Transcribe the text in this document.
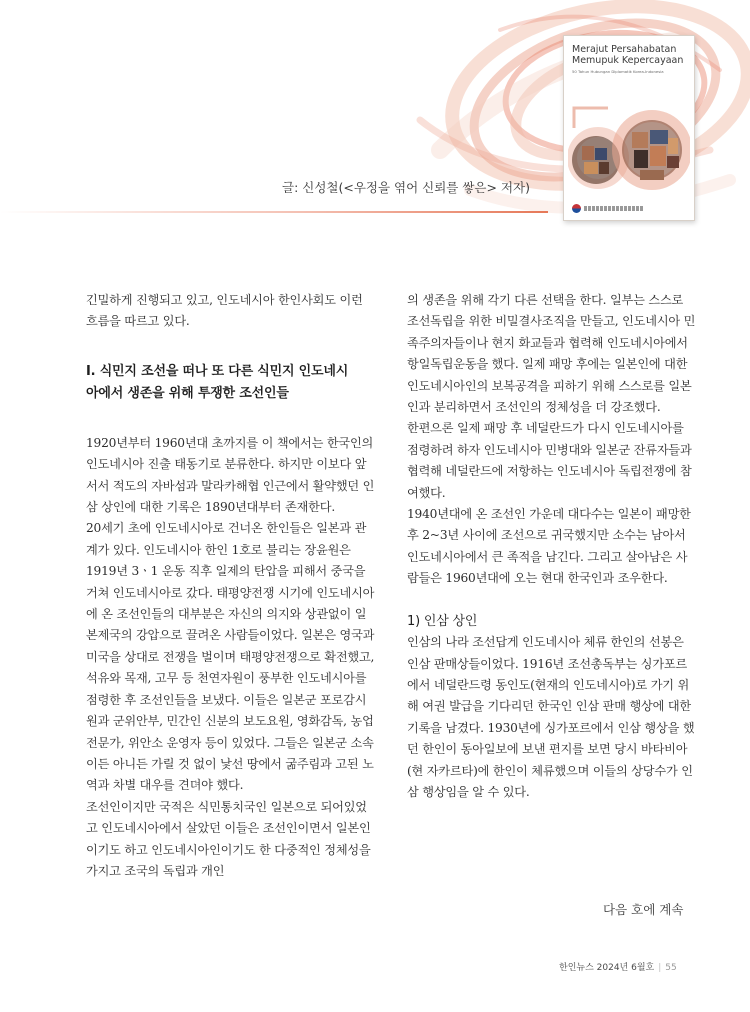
Merajut Persahabatan
Memupuk Kepercayaan
50 Tahun Hubungan Diplomatik Korea-Indonesia
글: 신성철(<우정을 엮어 신뢰를 쌓은> 저자)

긴밀하게 진행되고 있고, 인도네시아 한인사회도 이런 흐름을 따르고 있다.

I. 식민지 조선을 떠나 또 다른 식민지 인도네시
아에서 생존을 위해 투쟁한 조선인들

1920년부터 1960년대 초까지를 이 책에서는 한국인의 인도네시아 진출 태동기로 분류한다. 하지만 이보다 앞서서 적도의 자바섬과 말라카해협 인근에서 활약했던 인삼 상인에 대한 기록은 1890년대부터 존재한다.

20세기 초에 인도네시아로 건너온 한인들은 일본과 관계가 있다. 인도네시아 한인 1호로 불리는 장윤원은 1919년 3ㆍ1 운동 직후 일제의 탄압을 피해서 중국을 거쳐 인도네시아로 갔다. 태평양전쟁 시기에 인도네시아에 온 조선인들의 대부분은 자신의 의지와 상관없이 일본제국의 강압으로 끌려온 사람들이었다. 일본은 영국과 미국을 상대로 전쟁을 벌이며 태평양전쟁으로 확전했고, 석유와 목재, 고무 등 천연자원이 풍부한 인도네시아를 점령한 후 조선인들을 보냈다. 이들은 일본군 포로감시원과 군위안부, 민간인 신분의 보도요원, 영화감독, 농업 전문가, 위안소 운영자 등이 있었다. 그들은 일본군 소속이든 아니든 가릴 것 없이 낯선 땅에서 굶주림과 고된 노역과 차별 대우를 견뎌야 했다.

조선인이지만 국적은 식민통치국인 일본으로 되어있었고 인도네시아에서 살았던 이들은 조선인이면서 일본인이기도 하고 인도네시아인이기도 한 다중적인 정체성을 가지고 조국의 독립과 개인

의 생존을 위해 각기 다른 선택을 한다. 일부는 스스로 조선독립을 위한 비밀결사조직을 만들고, 인도네시아 민족주의자들이나 현지 화교들과 협력해 인도네시아에서 항일독립운동을 했다. 일제 패망 후에는 일본인에 대한 인도네시아인의 보복공격을 피하기 위해 스스로를 일본인과 분리하면서 조선인의 정체성을 더 강조했다.

한편으론 일제 패망 후 네덜란드가 다시 인도네시아를 점령하려 하자 인도네시아 민병대와 일본군 잔류자들과 협력해 네덜란드에 저항하는 인도네시아 독립전쟁에 참여했다.

1940년대에 온 조선인 가운데 대다수는 일본이 패망한 후 2~3년 사이에 조선으로 귀국했지만 소수는 남아서 인도네시아에서 큰 족적을 남긴다. 그리고 살아남은 사람들은 1960년대에 오는 현대 한국인과 조우한다.

1) 인삼 상인

인삼의 나라 조선답게 인도네시아 체류 한인의 선봉은 인삼 판매상들이었다. 1916년 조선총독부는 싱가포르에서 네덜란드령 동인도(현재의 인도네시아)로 가기 위해 여권 발급을 기다리던 한국인 인삼 판매 행상에 대한 기록을 남겼다. 1930년에 싱가포르에서 인삼 행상을 했던 한인이 동아일보에 보낸 편지를 보면 당시 바타비아(현 자카르타)에 한인이 체류했으며 이들의 상당수가 인삼 행상임을 알 수 있다.

다음 호에 계속
한인뉴스 2024년 6월호 | 55
